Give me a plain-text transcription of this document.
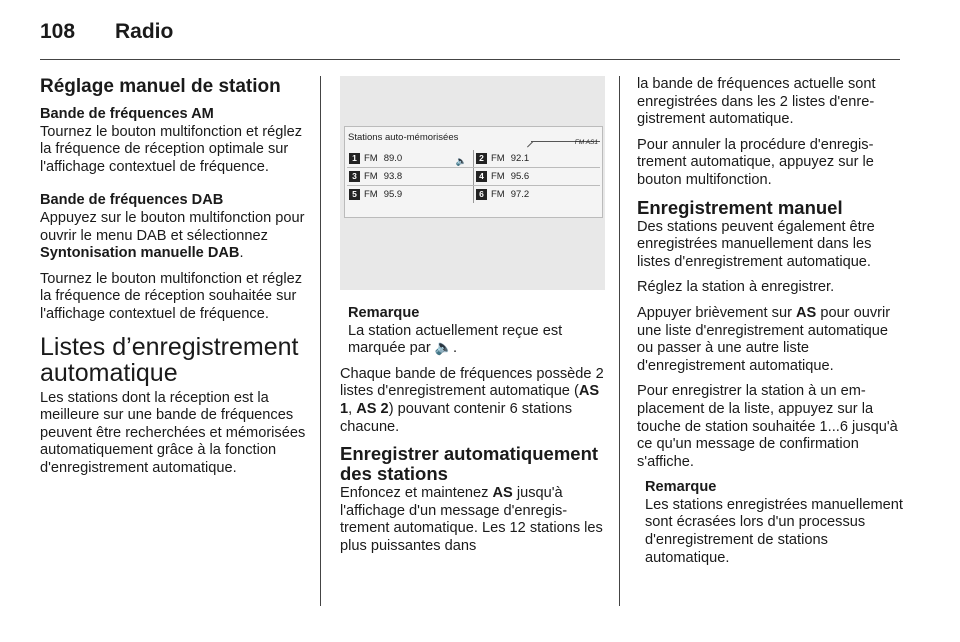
108 Radio
Réglage manuel de station
Bande de fréquences AM

Tournez le bouton multifonction et réglez la fréquence de réception optimale sur l'affichage contextuel de fréquence.

Bande de fréquences DAB

Appuyez sur le bouton multifonction pour ouvrir le menu DAB et sélectionnez Syntonisation manuelle DAB.

Tournez le bouton multifonction et réglez la fréquence de réception souhaitée sur l'affichage contextuel de fréquence.

Listes d’enregistrement automatique

Les stations dont la réception est la meilleure sur une bande de fréquences peuvent être recherchées et mémorisées automatiquement grâce à la fonction d'enregistrement automatique.

Stations auto-mémorisées	FM AS1
1 FM 89.0	🔈	2 FM 92.1
3 FM 93.8	4 FM 95.6
5 FM 95.9	6 FM 97.2
Remarque
La station actuellement reçue est marquée par 🔈.

Chaque bande de fréquences possède 2 listes d'enregistrement automatique (AS 1, AS 2) pouvant contenir 6 stations chacune.

Enregistrer automatiquement des stations

Enfoncez et maintenez AS jusqu'à l'affichage d'un message d'enregistrement automatique. Les 12 stations les plus puissantes dans

la bande de fréquences actuelle sont enregistrées dans les 2 listes d'enregistrement automatique.

Pour annuler la procédure d'enregistrement automatique, appuyez sur le bouton multifonction.

Enregistrement manuel

Des stations peuvent également être enregistrées manuellement dans les listes d'enregistrement automatique.

Réglez la station à enregistrer.

Appuyer brièvement sur AS pour ouvrir une liste d'enregistrement automatique ou passer à une autre liste d'enregistrement automatique.

Pour enregistrer la station à un emplacement de la liste, appuyez sur la touche de station souhaitée 1...6 jusqu'à ce qu'un message de confirmation s'affiche.

Remarque
Les stations enregistrées manuellement sont écrasées lors d'un processus d'enregistrement de stations automatique.
